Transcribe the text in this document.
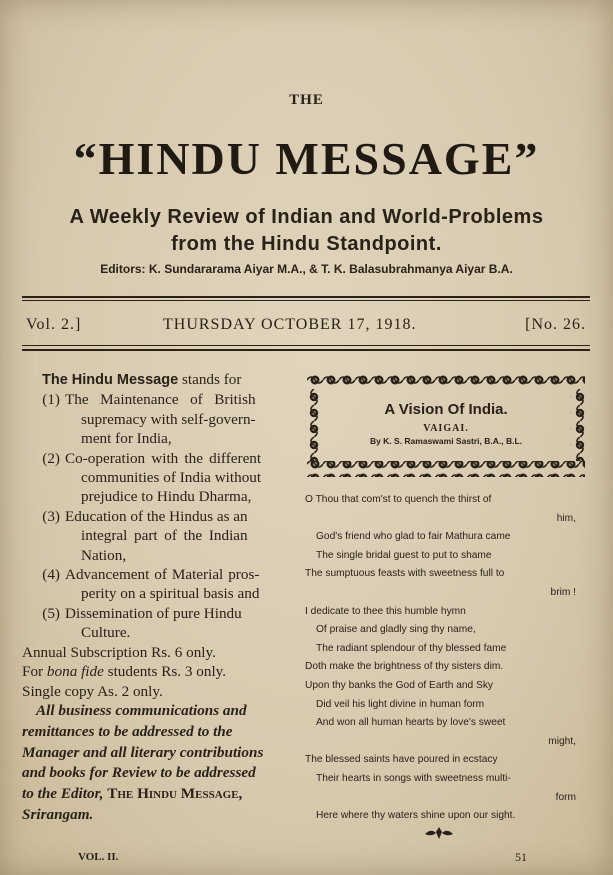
THE
“HINDU MESSAGE”
A Weekly Review of Indian and World-Problems
from the Hindu Standpoint.
Editors: K. Sundararama Aiyar M.A., & T. K. Balasubrahmanya Aiyar B.A.
Vol. 2.]	THURSDAY OCTOBER 17, 1918.	[No. 26.
The Hindu Message stands for
(1) The Maintenance of British
supremacy with self-govern-
ment for India,
(2) Co-operation with the different
communities of India without
prejudice to Hindu Dharma,
(3) Education of the Hindus as an
integral part of the Indian
Nation,
(4) Advancement of Material pros-
perity on a spiritual basis and
(5) Dissemination of pure Hindu
Culture.
Annual Subscription Rs. 6 only.
For bona fide students Rs. 3 only.
Single copy As. 2 only.
All business communications and
remittances to be addressed to the
Manager and all literary contributions
and books for Review to be addressed
to the Editor, The Hindu Message,
Srirangam.
A Vision Of India.
VAIGAI.
By K. S. Ramaswami Sastri, B.A., B.L.
O Thou that com'st to quench the thirst of
him,
God's friend who glad to fair Mathura came
The single bridal guest to put to shame
The sumptuous feasts with sweetness full to
brim !
I dedicate to thee this humble hymn
Of praise and gladly sing thy name,
The radiant splendour of thy blessed fame
Doth make the brightness of thy sisters dim.
Upon thy banks the God of Earth and Sky
Did veil his light divine in human form
And won all human hearts by love's sweet
might,
The blessed saints have poured in ecstacy
Their hearts in songs with sweetness multi-
form
Here where thy waters shine upon our sight.
VOL. II.	51
